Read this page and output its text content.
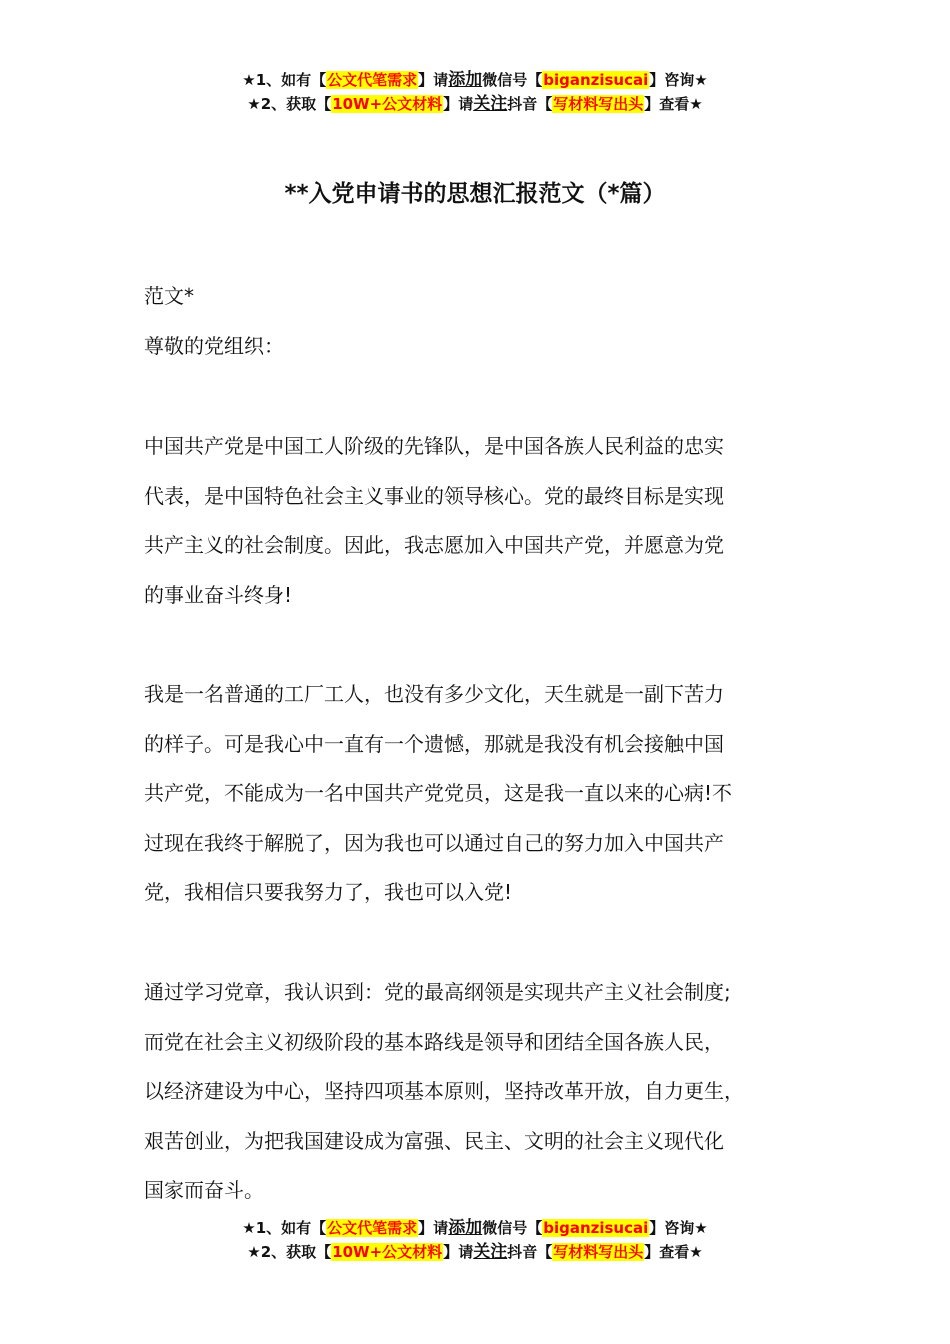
★1、如有【公文代笔需求】请添加微信号【biganzisucai】咨询★
★2、获取【10W+公文材料】请关注抖音【写材料写出头】查看★
**入党申请书的思想汇报范文（*篇）
范文*
尊敬的党组织：

中国共产党是中国工人阶级的先锋队，是中国各族人民利益的忠实

代表，是中国特色社会主义事业的领导核心。党的最终目标是实现

共产主义的社会制度。因此，我志愿加入中国共产党，并愿意为党

的事业奋斗终身!

我是一名普通的工厂工人，也没有多少文化，天生就是一副下苦力

的样子。可是我心中一直有一个遗憾，那就是我没有机会接触中国

共产党，不能成为一名中国共产党党员，这是我一直以来的心病!不

过现在我终于解脱了，因为我也可以通过自己的努力加入中国共产

党，我相信只要我努力了，我也可以入党!

通过学习党章，我认识到：党的最高纲领是实现共产主义社会制度;

而党在社会主义初级阶段的基本路线是领导和团结全国各族人民，

以经济建设为中心，坚持四项基本原则，坚持改革开放，自力更生，

艰苦创业，为把我国建设成为富强、民主、文明的社会主义现代化

国家而奋斗。

★1、如有【公文代笔需求】请添加微信号【biganzisucai】咨询★
★2、获取【10W+公文材料】请关注抖音【写材料写出头】查看★
